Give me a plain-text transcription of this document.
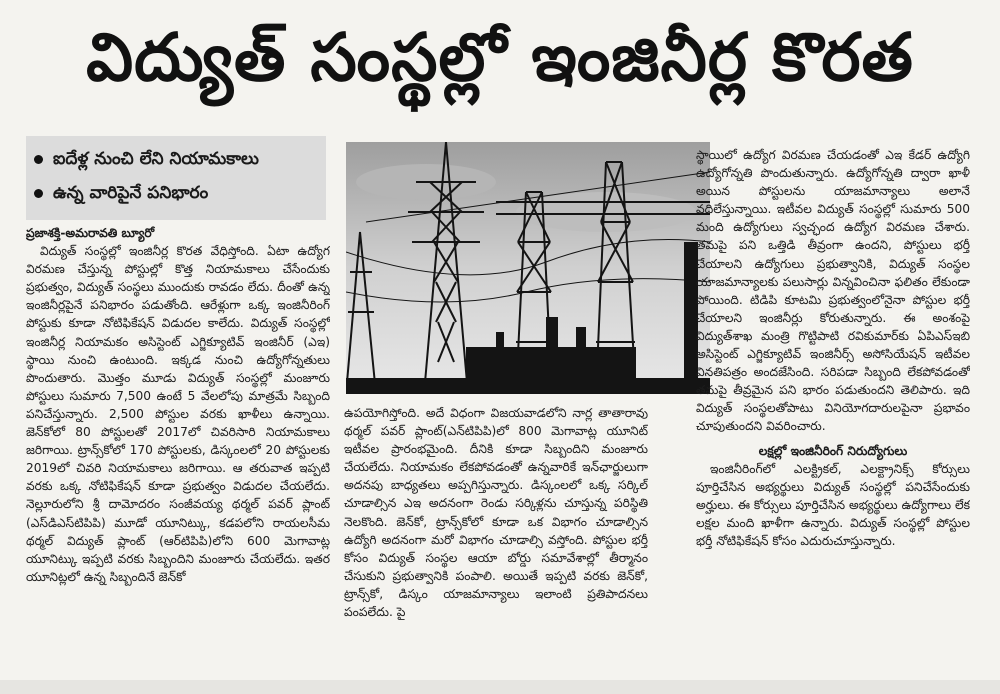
విద్యుత్ సంస్థల్లో ఇంజినీర్ల కొరత
ఐదేళ్ల నుంచి లేని నియామకాలు
ఉన్న వారిపైనే పనిభారం

ప్రజాశక్తి-అమరావతి బ్యూరో

విద్యుత్ సంస్థల్లో ఇంజినీర్ల కొరత వేధిస్తోంది. ఏటా ఉద్యోగ విరమణ చేస్తున్న పోస్టుల్లో కొత్త నియామకాలు చేసేందుకు ప్రభుత్వం, విద్యుత్ సంస్థలు ముందుకు రావడం లేదు. దీంతో ఉన్న ఇంజినీర్లపైనే పనిభారం పడుతోంది. ఆరేళ్లుగా ఒక్క ఇంజినీరింగ్ పోస్టుకు కూడా నోటిఫికేషన్ విడుదల కాలేదు. విద్యుత్ సంస్థల్లో ఇంజినీర్ల నియామకం అసిస్టెంట్ ఎగ్జిక్యూటివ్ ఇంజినీర్ (ఎఇ) స్థాయి నుంచి ఉంటుంది. ఇక్కడ నుంచి ఉద్యోగోన్నతులు పొందుతారు. మొత్తం మూడు విద్యుత్ సంస్థల్లో మంజూరు పోస్టులు సుమారు 7,500 ఉంటే 5 వేలలోపు మాత్రమే సిబ్బంది పనిచేస్తున్నారు. 2,500 పోస్టుల వరకు ఖాళీలు ఉన్నాయి. జెన్‌కోలో 80 పోస్టులతో 2017లో చివరిసారి నియామకాలు జరిగాయి. ట్రాన్స్‌కోలో 170 పోస్టులకు, డిస్కంలలో 20 పోస్టులకు 2019లో చివరి నియామకాలు జరిగాయి. ఆ తరువాత ఇప్పటి వరకు ఒక్క నోటిఫికేషన్ కూడా ప్రభుత్వం విడుదల చేయలేదు. నెల్లూరులోని శ్రీ దామోదరం సంజీవయ్య థర్మల్ పవర్ ప్లాంట్ (ఎస్‌డిఎస్‌టిపిపి) మూడో యూనిట్కు, కడపలోని రాయలసీమ థర్మల్ విద్యుత్ ప్లాంట్ (ఆర్‌టిపిపి)లోని 600 మెగావాట్ల యూనిట్కు ఇప్పటి వరకు సిబ్బందిని మంజూరు చేయలేదు. ఇతర యూనిట్లలో ఉన్న సిబ్బందినే జెన్‌కో

ఉపయోగిస్తోంది. అదే విధంగా విజయవాడలోని నార్ల తాతారావు థర్మల్ పవర్ ప్లాంట్(ఎన్‌టిపిపి)లో 800 మెగావాట్ల యూనిట్ ఇటీవల ప్రారంభమైంది. దీనికి కూడా సిబ్బందిని మంజూరు చేయలేదు. నియామకం లేకపోవడంతో ఉన్నవారికే ఇన్‌ఛార్జులుగా అదనపు బాధ్యతలు అప్పగిస్తున్నారు. డిస్కంలలో ఒక్క సర్కిల్ చూడాల్సిన ఎఇ అదనంగా రెండు సర్కిళ్లను చూస్తున్న పరిస్థితి నెలకొంది. జెన్‌కో, ట్రాన్స్‌కోలో కూడా ఒక విభాగం చూడాల్సిన ఉద్యోగి అదనంగా మరో విభాగం చూడాల్సి వస్తోంది. పోస్టుల భర్తీ కోసం విద్యుత్ సంస్థల ఆయా బోర్డు సమావేశాల్లో తీర్మానం చేసుకుని ప్రభుత్వానికి పంపాలి. అయితే ఇప్పటి వరకు జెన్‌కో, ట్రాన్స్‌కో, డిస్కం యాజమాన్యాలు ఇలాంటి ప్రతిపాదనలు పంపలేదు. పై

స్థాయిలో ఉద్యోగ విరమణ చేయడంతో ఎఇ కేడర్ ఉద్యోగి ఉద్యోగోన్నతి పొందుతున్నారు. ఉద్యోగోన్నతి ద్వారా ఖాళీ అయిన పోస్టులను యాజమాన్యాలు అలానే వదిలేస్తున్నాయి. ఇటీవల విద్యుత్ సంస్థల్లో సుమారు 500 మంది ఉద్యోగులు స్వచ్ఛంద ఉద్యోగ విరమణ చేశారు. తమపై పని ఒత్తిడి తీవ్రంగా ఉందని, పోస్టులు భర్తీ చేయాలని ఉద్యోగులు ప్రభుత్వానికి, విద్యుత్ సంస్థల యాజమాన్యాలకు పలుసార్లు విన్నవించినా ఫలితం లేకుండా పోయింది. టిడిపి కూటమి ప్రభుత్వంలోనైనా పోస్టుల భర్తీ చేయాలని ఇంజినీర్లు కోరుతున్నారు. ఈ అంశంపై విద్యుత్‌శాఖ మంత్రి గొట్టిపాటి రవికుమార్‌కు ఏపిఎస్ఇబి అసిస్టెంట్ ఎగ్జిక్యూటివ్ ఇంజినీర్స్ అసోసియేషన్ ఇటీవల వినతిపత్రం అందజేసింది. సరిపడా సిబ్బంది లేకపోవడంతో తమపై తీవ్రమైన పని భారం పడుతుందని తెలిపారు. ఇది విద్యుత్ సంస్థలతోపాటు వినియోగదారులపైనా ప్రభావం చూపుతుందని వివరించారు.

లక్షల్లో ఇంజినీరింగ్ నిరుద్యోగులు

ఇంజినీరింగ్‌లో ఎలక్ట్రికల్, ఎలక్ట్రానిక్స్ కోర్సులు పూర్తిచేసిన అభ్యర్థులు విద్యుత్ సంస్థల్లో పనిచేసేందుకు అర్హులు. ఈ కోర్సులు పూర్తిచేసిన అభ్యర్థులు ఉద్యోగాలు లేక లక్షల మంది ఖాళీగా ఉన్నారు. విద్యుత్ సంస్థల్లో పోస్టుల భర్తీ నోటిఫికేషన్ కోసం ఎదురుచూస్తున్నారు.
